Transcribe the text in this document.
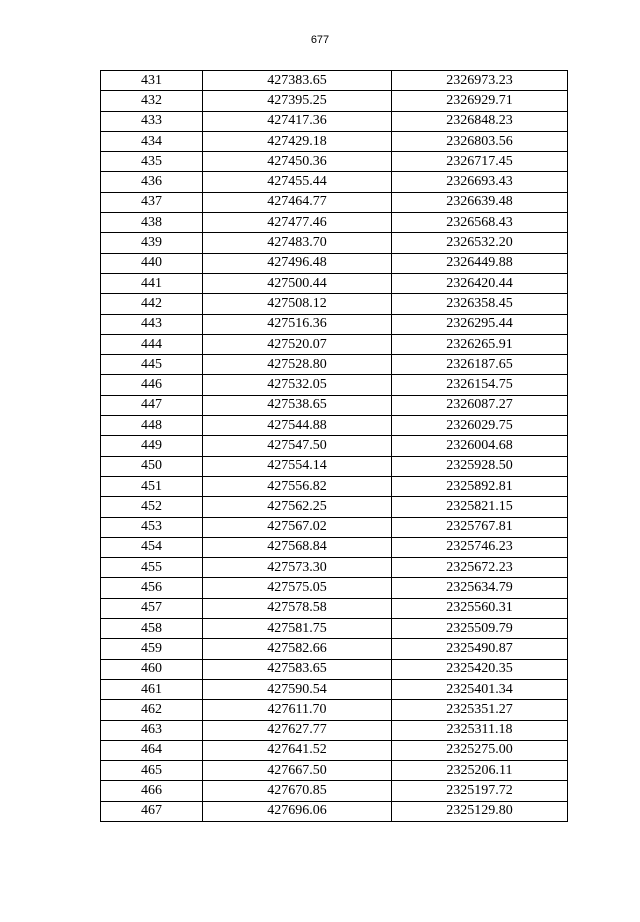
677
431	427383.65	2326973.23
432	427395.25	2326929.71
433	427417.36	2326848.23
434	427429.18	2326803.56
435	427450.36	2326717.45
436	427455.44	2326693.43
437	427464.77	2326639.48
438	427477.46	2326568.43
439	427483.70	2326532.20
440	427496.48	2326449.88
441	427500.44	2326420.44
442	427508.12	2326358.45
443	427516.36	2326295.44
444	427520.07	2326265.91
445	427528.80	2326187.65
446	427532.05	2326154.75
447	427538.65	2326087.27
448	427544.88	2326029.75
449	427547.50	2326004.68
450	427554.14	2325928.50
451	427556.82	2325892.81
452	427562.25	2325821.15
453	427567.02	2325767.81
454	427568.84	2325746.23
455	427573.30	2325672.23
456	427575.05	2325634.79
457	427578.58	2325560.31
458	427581.75	2325509.79
459	427582.66	2325490.87
460	427583.65	2325420.35
461	427590.54	2325401.34
462	427611.70	2325351.27
463	427627.77	2325311.18
464	427641.52	2325275.00
465	427667.50	2325206.11
466	427670.85	2325197.72
467	427696.06	2325129.80
